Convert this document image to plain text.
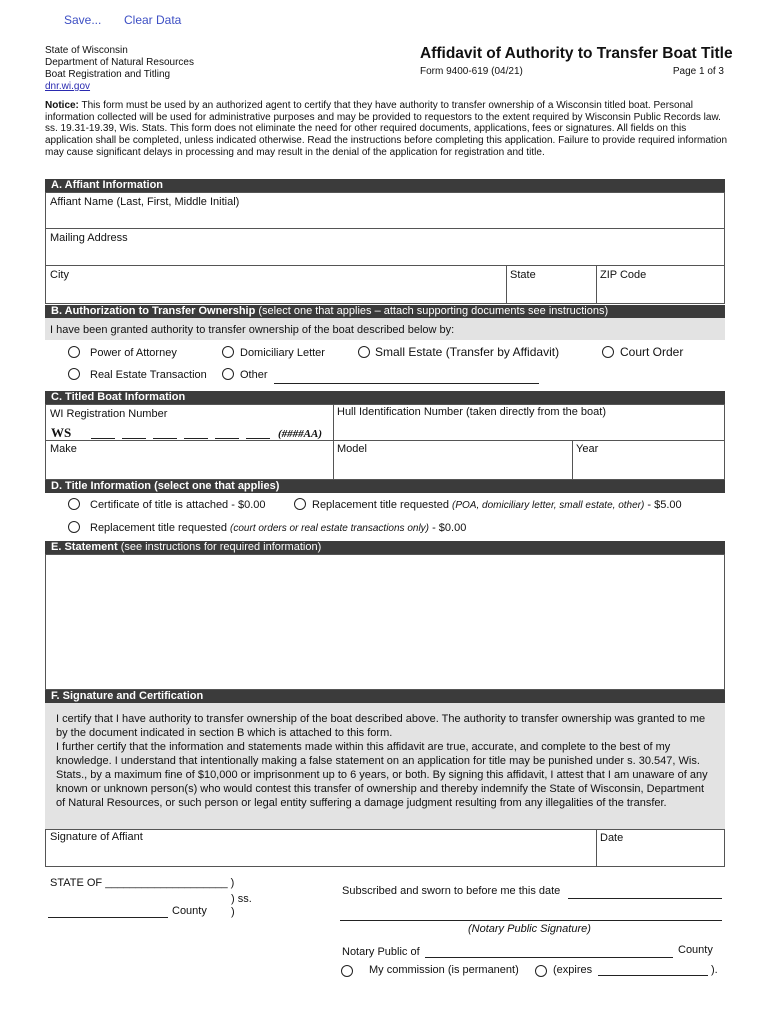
Save... Clear Data
State of Wisconsin
Department of Natural Resources
Boat Registration and Titling
dnr.wi.gov
Affidavit of Authority to Transfer Boat Title
Form 9400-619 (04/21)	Page 1 of 3
Notice: This form must be used by an authorized agent to certify that they have authority to transfer ownership of a Wisconsin titled boat. Personal information collected will be used for administrative purposes and may be provided to requestors to the extent required by Wisconsin Public Records law. ss. 19.31-19.39, Wis. Stats. This form does not eliminate the need for other required documents, applications, fees or signatures. All fields on this application shall be completed, unless indicated otherwise. Read the instructions before completing this application. Failure to provide required information may cause significant delays in processing and may result in the denial of the application for registration and title.
A. Affiant Information
Affiant Name (Last, First, Middle Initial)
Mailing Address
City	State	ZIP Code
B. Authorization to Transfer Ownership (select one that applies – attach supporting documents see instructions)
I have been granted authority to transfer ownership of the boat described below by:
Power of Attorney	Domiciliary Letter	Small Estate (Transfer by Affidavit)	Court Order
Real Estate Transaction	Other
C. Titled Boat Information
WI Registration Number
WS	(####AA)
Hull Identification Number (taken directly from the boat)
Make	Model	Year
D. Title Information (select one that applies)
Certificate of title is attached - $0.00	Replacement title requested (POA, domiciliary letter, small estate, other) - $5.00
Replacement title requested (court orders or real estate transactions only) - $0.00
E. Statement (see instructions for required information)
F. Signature and Certification
I certify that I have authority to transfer ownership of the boat described above. The authority to transfer ownership was granted to me by the document indicated in section B which is attached to this form.
I further certify that the information and statements made within this affidavit are true, accurate, and complete to the best of my knowledge. I understand that intentionally making a false statement on an application for title may be punished under s. 30.547, Wis. Stats., by a maximum fine of $10,000 or imprisonment up to 6 years, or both. By signing this affidavit, I attest that I am unaware of any known or unknown person(s) who would contest this transfer of ownership and thereby indemnify the State of Wisconsin, Department of Natural Resources, or such person or legal entity suffering a damage judgment resulting from any illegalities of the transfer.
Signature of Affiant	Date
STATE OF ____________________ )
) ss.
County )
Subscribed and sworn to before me this date
(Notary Public Signature)
Notary Public of	County
My commission (is permanent)	(expires	).
